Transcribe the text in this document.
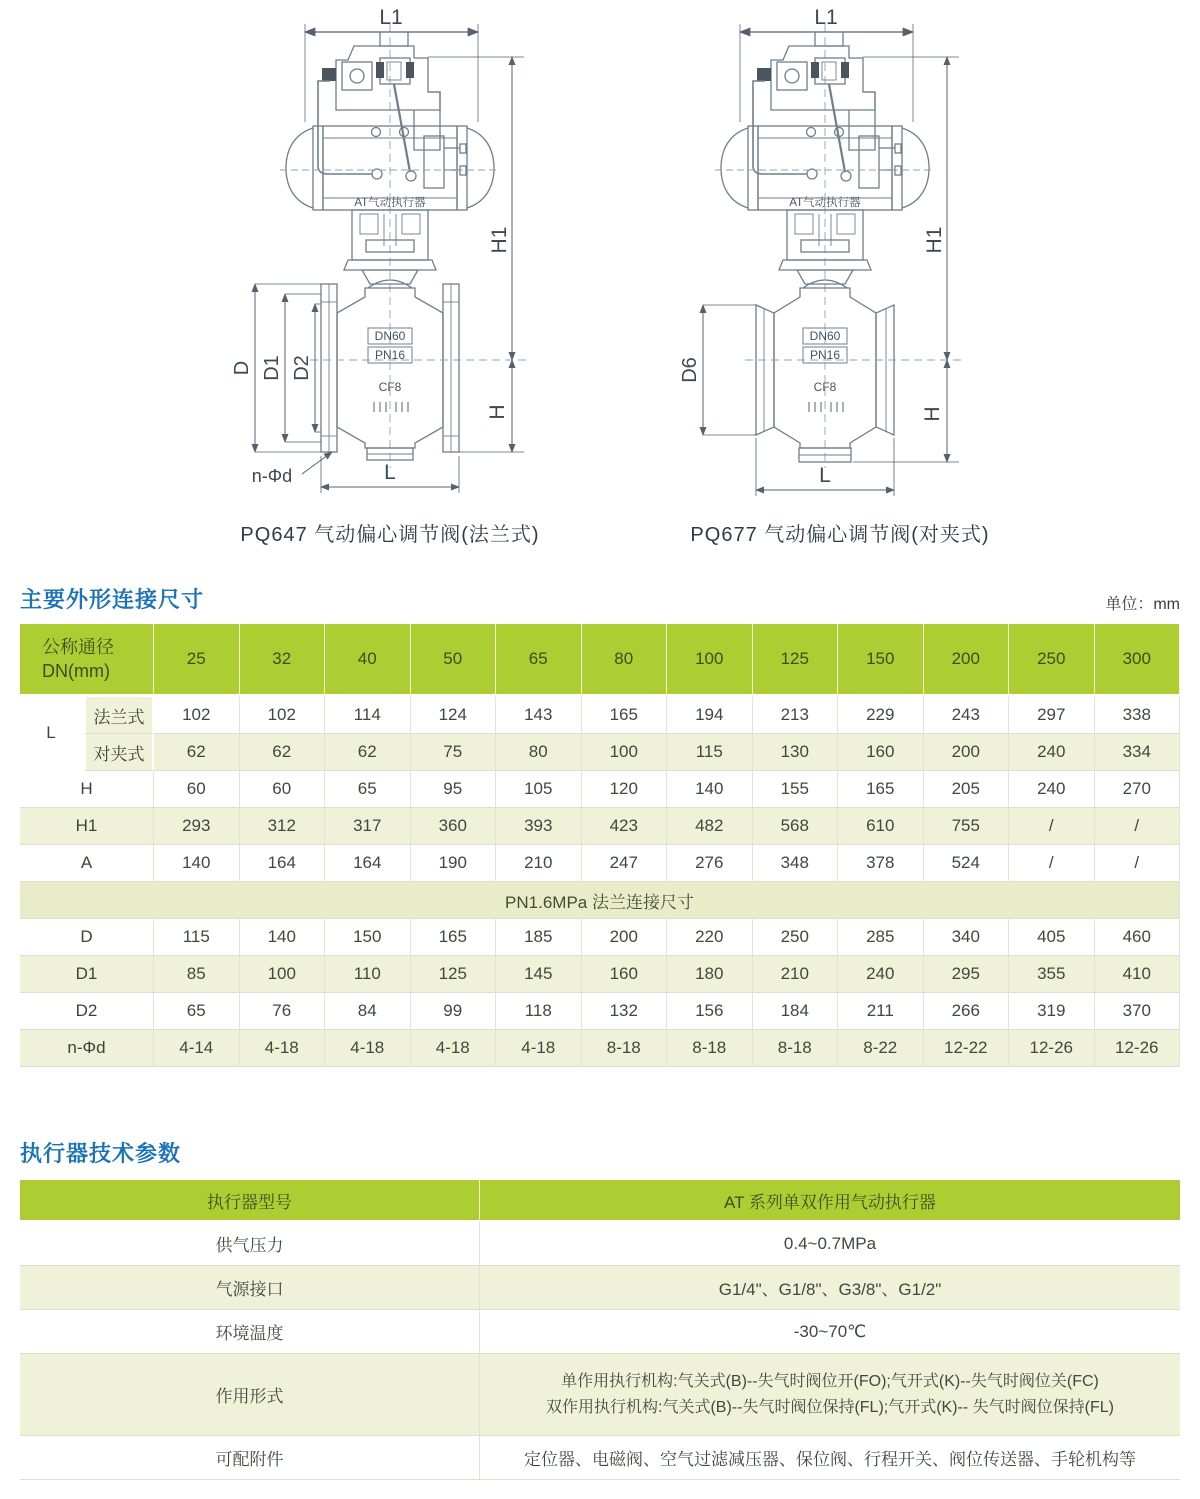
DN60
PN16
CF8
L1
AT气动执行器
D D1 D2
H1
H
L
n-Φd
L1
AT气动执行器
D6
H1
H
L
PQ647 气动偏心调节阀(法兰式)	PQ677 气动偏心调节阀(对夹式)
主要外形连接尺寸	单位：mm
公称通径
DN(mm)		25	32	40	50	65	80	100	125	150	200	250	300
L	法兰式	102	102	114	124	143	165	194	213	229	243	297	338
	对夹式	62	62	62	75	80	100	115	130	160	200	240	334
H		60	60	65	95	105	120	140	155	165	205	240	270
H1		293	312	317	360	393	423	482	568	610	755	/	/
A		140	164	164	190	210	247	276	348	378	524	/	/
PN1.6MPa 法兰连接尺寸													
D		115	140	150	165	185	200	220	250	285	340	405	460
D1		85	100	110	125	145	160	180	210	240	295	355	410
D2		65	76	84	99	118	132	156	184	211	266	319	370
n-Φd		4-14	4-18	4-18	4-18	4-18	8-18	8-18	8-18	8-22	12-22	12-26	12-26
执行器技术参数
执行器型号	AT 系列单双作用气动执行器
供气压力	0.4~0.7MPa
气源接口	G1/4"、G1/8"、G3/8"、G1/2"
环境温度	-30~70℃
作用形式	单作用执行机构:气关式(B)--失气时阀位开(FO);气开式(K)--失气时阀位关(FC)
双作用执行机构:气关式(B)--失气时阀位保持(FL);气开式(K)-- 失气时阀位保持(FL)

可配附件	定位器、电磁阀、空气过滤减压器、保位阀、行程开关、阀位传送器、手轮机构等
